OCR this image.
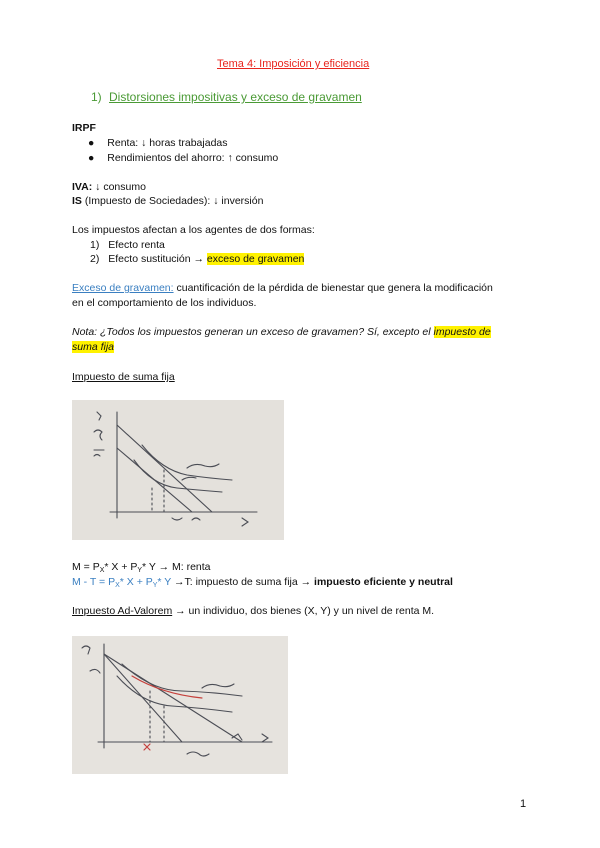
Tema 4: Imposición y eficiencia
1) Distorsiones impositivas y exceso de gravamen
IRPF
● Renta: ↓ horas trabajadas
● Rendimientos del ahorro: ↑ consumo
IVA: ↓ consumo
IS (Impuesto de Sociedades): ↓ inversión
Los impuestos afectan a los agentes de dos formas:
1) Efecto renta
2) Efecto sustitución → exceso de gravamen
Exceso de gravamen: cuantificación de la pérdida de bienestar que genera la modificación
en el comportamiento de los individuos.
Nota: ¿Todos los impuestos generan un exceso de gravamen? Sí, excepto el impuesto de
suma fija
Impuesto de suma fija
$M = P_X*$ $X + P_Y*$ Y → M: renta
$M - T = P_X*$ $X + P_Y*$ Y →T: impuesto de suma fija → impuesto eficiente y neutral
Impuesto Ad-Valorem → un individuo, dos bienes (X, Y) y un nivel de renta M.
1
